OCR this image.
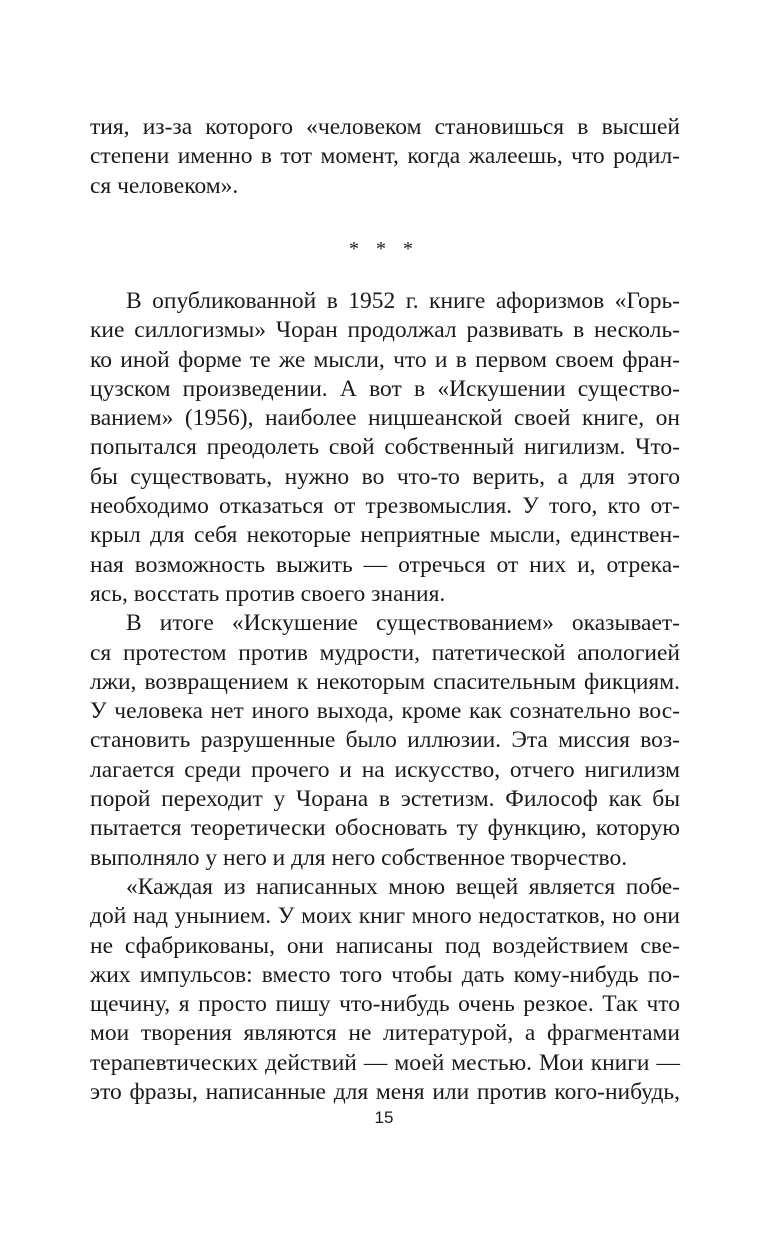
тия, из-за которого «человеком становишься в высшей
степени именно в тот момент, когда жалеешь, что родил-
ся человеком».
* * *
В опубликованной в 1952 г. книге афоризмов «Горь-
кие силлогизмы» Чоран продолжал развивать в несколь-
ко иной форме те же мысли, что и в первом своем фран-
цузском произведении. А вот в «Искушении существо-
ванием» (1956), наиболее ницшеанской своей книге, он
попытался преодолеть свой собственный нигилизм. Что-
бы существовать, нужно во что-то верить, а для этого
необходимо отказаться от трезвомыслия. У того, кто от-
крыл для себя некоторые неприятные мысли, единствен-
ная возможность выжить — отречься от них и, отрека-
ясь, восстать против своего знания.
В итоге «Искушение существованием» оказывает-
ся протестом против мудрости, патетической апологией
лжи, возвращением к некоторым спасительным фикциям.
У человека нет иного выхода, кроме как сознательно вос-
становить разрушенные было иллюзии. Эта миссия воз-
лагается среди прочего и на искусство, отчего нигилизм
порой переходит у Чорана в эстетизм. Философ как бы
пытается теоретически обосновать ту функцию, которую
выполняло у него и для него собственное творчество.
«Каждая из написанных мною вещей является побе-
дой над унынием. У моих книг много недостатков, но они
не сфабрикованы, они написаны под воздействием све-
жих импульсов: вместо того чтобы дать кому-нибудь по-
щечину, я просто пишу что-нибудь очень резкое. Так что
мои творения являются не литературой, а фрагментами
терапевтических действий — моей местью. Мои книги —
это фразы, написанные для меня или против кого-нибудь,
15
